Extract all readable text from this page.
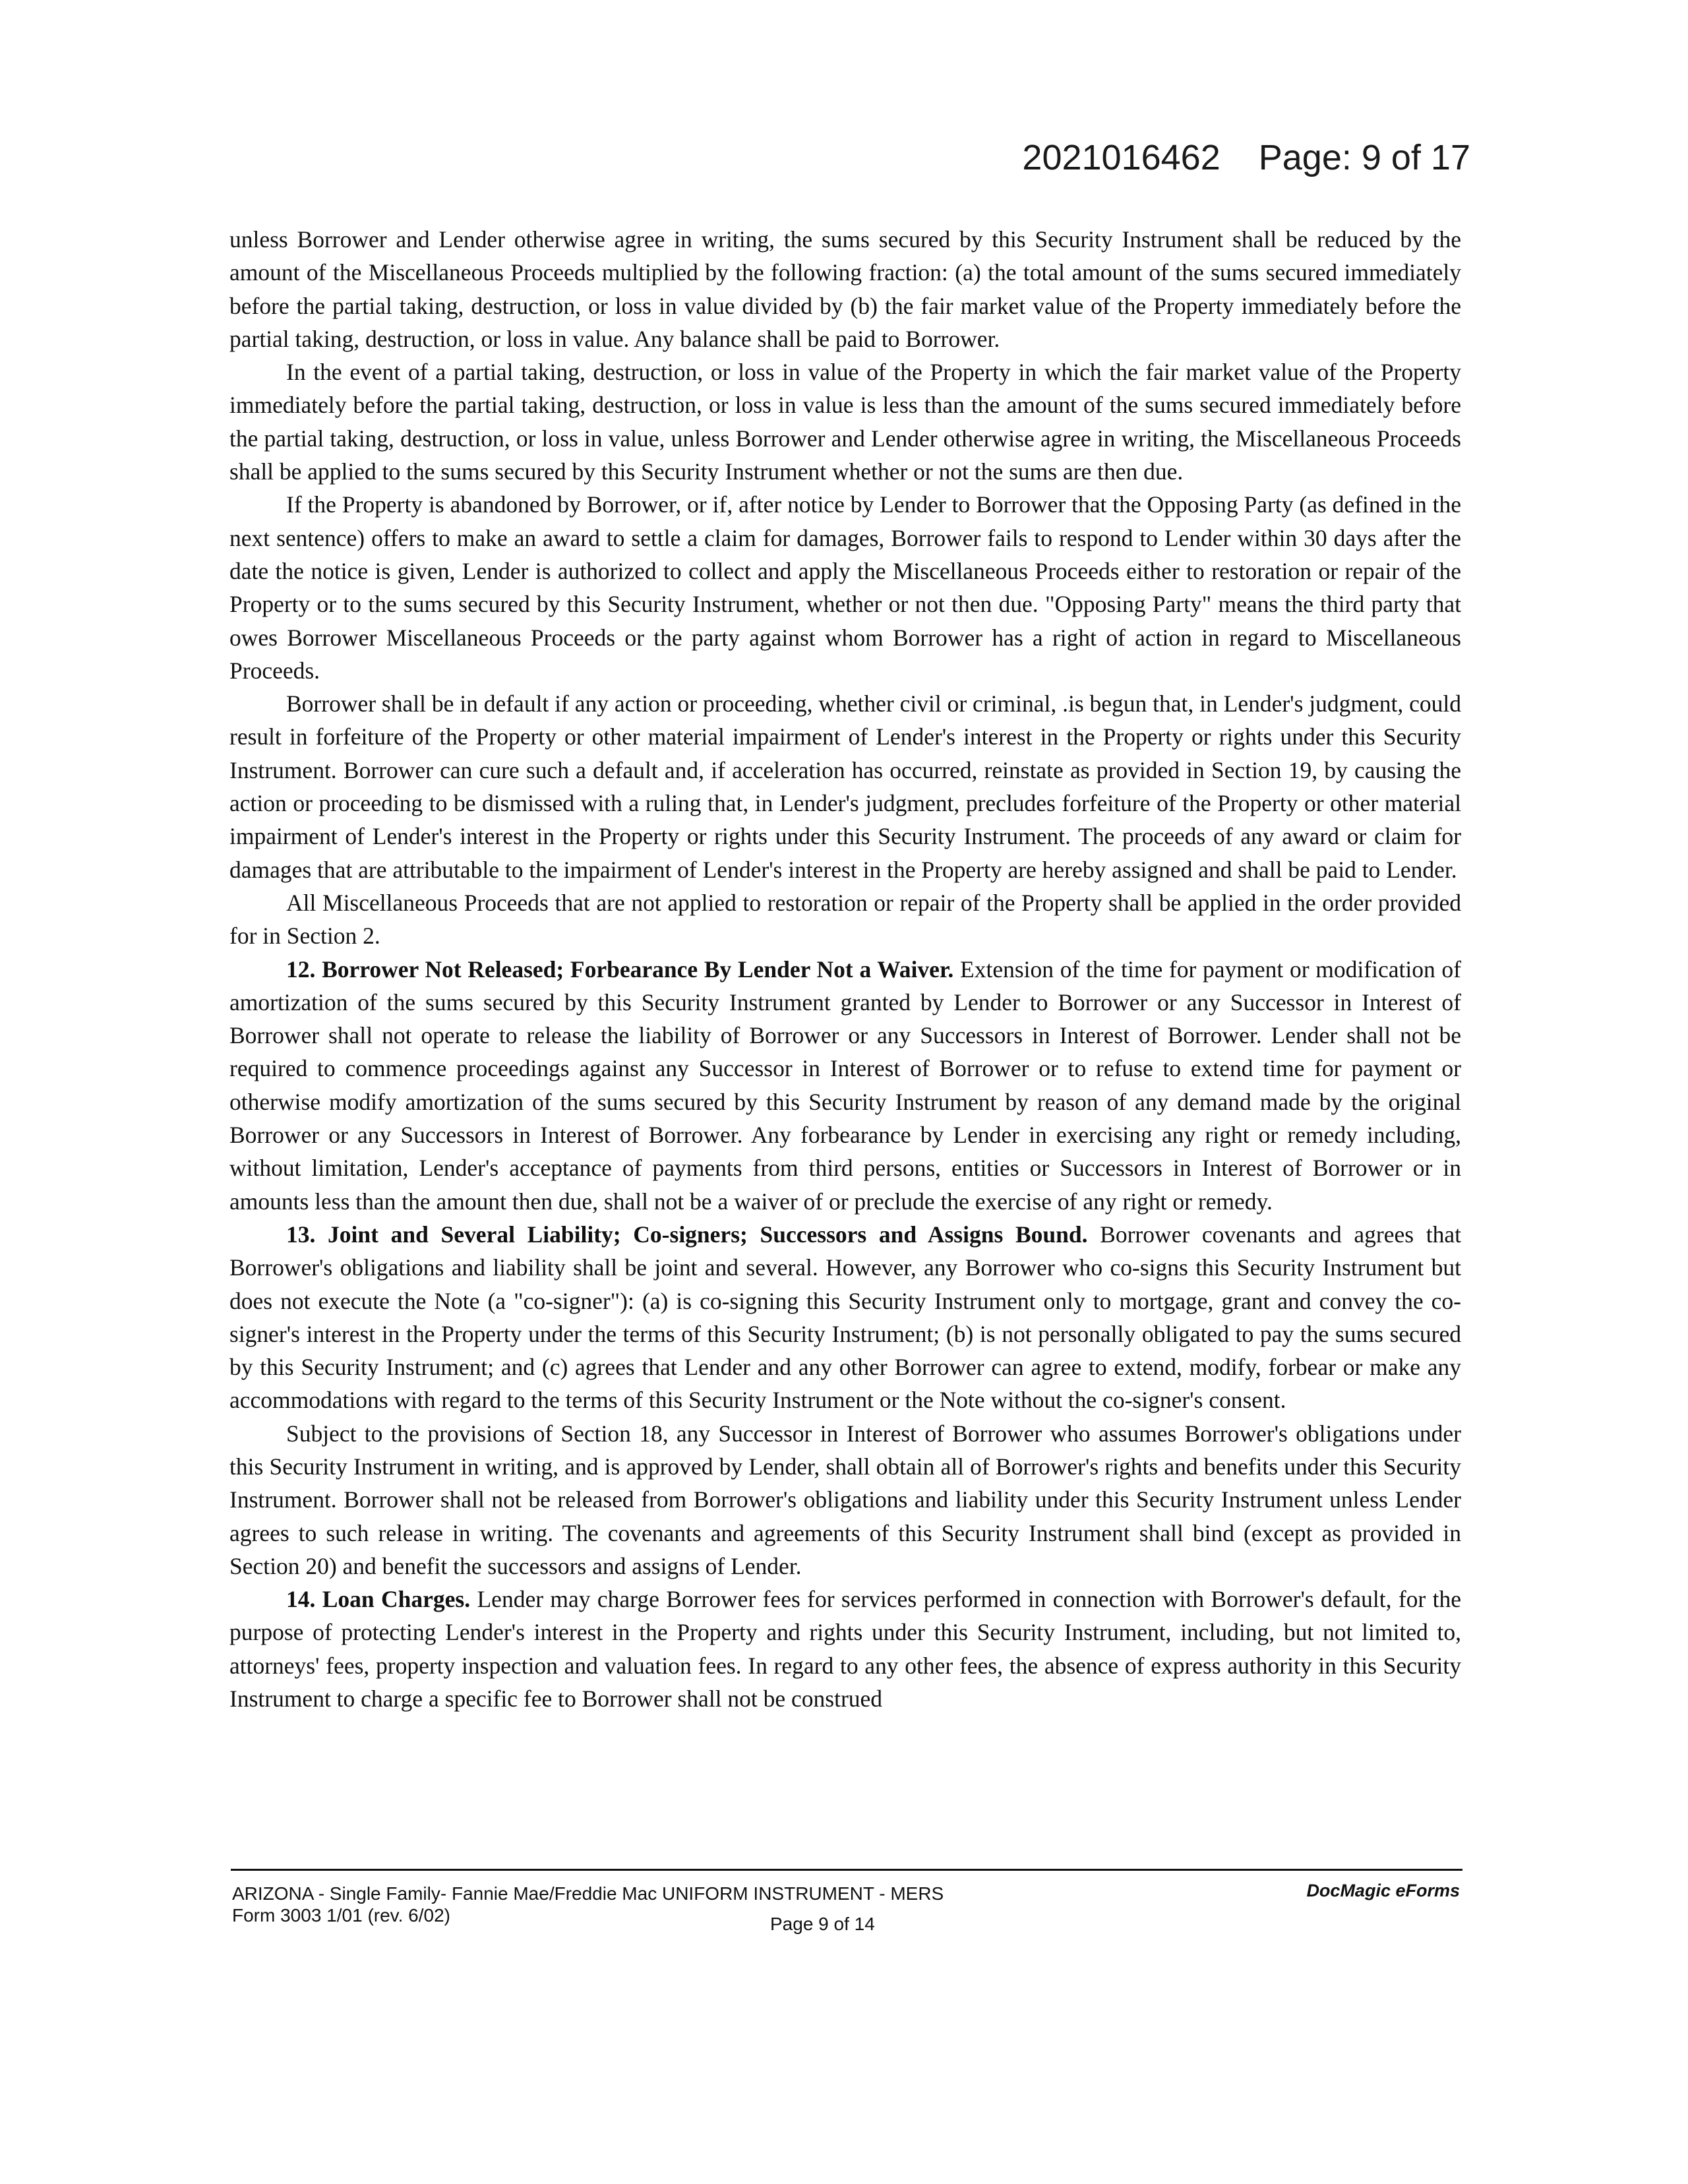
2021016462 Page: 9 of 17

unless Borrower and Lender otherwise agree in writing, the sums secured by this Security Instrument shall be reduced by the amount of the Miscellaneous Proceeds multiplied by the following fraction: (a) the total amount of the sums secured immediately before the partial taking, destruction, or loss in value divided by (b) the fair market value of the Property immediately before the partial taking, destruction, or loss in value. Any balance shall be paid to Borrower.

In the event of a partial taking, destruction, or loss in value of the Property in which the fair market value of the Property immediately before the partial taking, destruction, or loss in value is less than the amount of the sums secured immediately before the partial taking, destruction, or loss in value, unless Borrower and Lender otherwise agree in writing, the Miscellaneous Proceeds shall be applied to the sums secured by this Security Instrument whether or not the sums are then due.

If the Property is abandoned by Borrower, or if, after notice by Lender to Borrower that the Opposing Party (as defined in the next sentence) offers to make an award to settle a claim for damages, Borrower fails to respond to Lender within 30 days after the date the notice is given, Lender is authorized to collect and apply the Miscellaneous Proceeds either to restoration or repair of the Property or to the sums secured by this Security Instrument, whether or not then due. "Opposing Party" means the third party that owes Borrower Miscellaneous Proceeds or the party against whom Borrower has a right of action in regard to Miscellaneous Proceeds.

Borrower shall be in default if any action or proceeding, whether civil or criminal, .is begun that, in Lender's judgment, could result in forfeiture of the Property or other material impairment of Lender's interest in the Property or rights under this Security Instrument. Borrower can cure such a default and, if acceleration has occurred, reinstate as provided in Section 19, by causing the action or proceeding to be dismissed with a ruling that, in Lender's judgment, precludes forfeiture of the Property or other material impairment of Lender's interest in the Property or rights under this Security Instrument. The proceeds of any award or claim for damages that are attributable to the impairment of Lender's interest in the Property are hereby assigned and shall be paid to Lender.

All Miscellaneous Proceeds that are not applied to restoration or repair of the Property shall be applied in the order provided for in Section 2.

12. Borrower Not Released; Forbearance By Lender Not a Waiver. Extension of the time for payment or modification of amortization of the sums secured by this Security Instrument granted by Lender to Borrower or any Successor in Interest of Borrower shall not operate to release the liability of Borrower or any Successors in Interest of Borrower. Lender shall not be required to commence proceedings against any Successor in Interest of Borrower or to refuse to extend time for payment or otherwise modify amortization of the sums secured by this Security Instrument by reason of any demand made by the original Borrower or any Successors in Interest of Borrower. Any forbearance by Lender in exercising any right or remedy including, without limitation, Lender's acceptance of payments from third persons, entities or Successors in Interest of Borrower or in amounts less than the amount then due, shall not be a waiver of or preclude the exercise of any right or remedy.

13. Joint and Several Liability; Co-signers; Successors and Assigns Bound. Borrower covenants and agrees that Borrower's obligations and liability shall be joint and several. However, any Borrower who co-signs this Security Instrument but does not execute the Note (a "co-signer"): (a) is co-signing this Security Instrument only to mortgage, grant and convey the co-signer's interest in the Property under the terms of this Security Instrument; (b) is not personally obligated to pay the sums secured by this Security Instrument; and (c) agrees that Lender and any other Borrower can agree to extend, modify, forbear or make any accommodations with regard to the terms of this Security Instrument or the Note without the co-signer's consent.

Subject to the provisions of Section 18, any Successor in Interest of Borrower who assumes Borrower's obligations under this Security Instrument in writing, and is approved by Lender, shall obtain all of Borrower's rights and benefits under this Security Instrument. Borrower shall not be released from Borrower's obligations and liability under this Security Instrument unless Lender agrees to such release in writing. The covenants and agreements of this Security Instrument shall bind (except as provided in Section 20) and benefit the successors and assigns of Lender.

14. Loan Charges. Lender may charge Borrower fees for services performed in connection with Borrower's default, for the purpose of protecting Lender's interest in the Property and rights under this Security Instrument, including, but not limited to, attorneys' fees, property inspection and valuation fees. In regard to any other fees, the absence of express authority in this Security Instrument to charge a specific fee to Borrower shall not be construed

ARIZONA - Single Family- Fannie Mae/Freddie Mac UNIFORM INSTRUMENT - MERS
Form 3003 1/01 (rev. 6/02)
DocMagic eForms
Page 9 of 14
